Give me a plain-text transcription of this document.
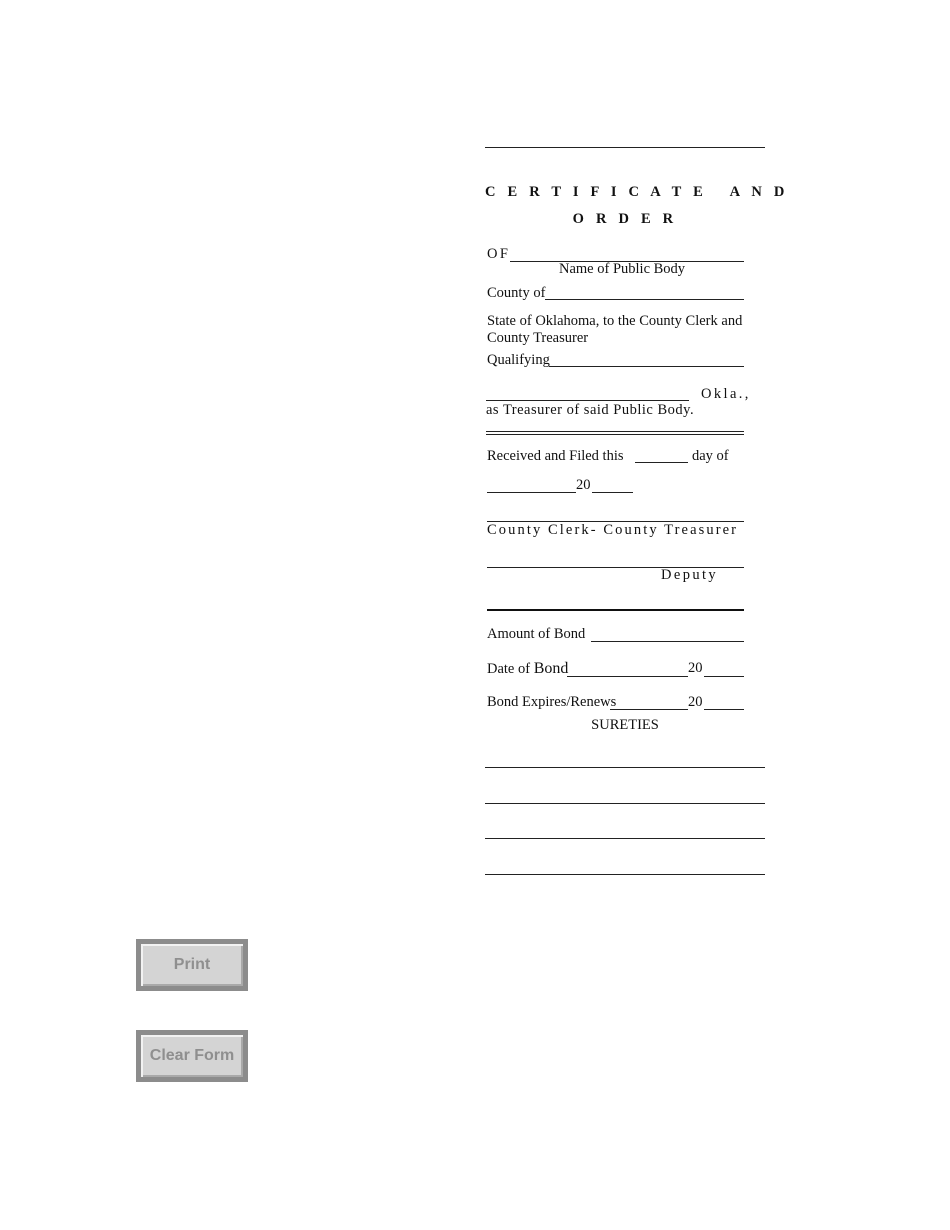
C E R T I F I C A T E   A N D
O R D E R
OF
Name of Public Body
County of
State of Oklahoma, to the County Clerk and
County Treasurer
Qualifying
Okla.,
as Treasurer of said Public Body.
Received and Filed this	day of
20
County Clerk- County Treasurer
Deputy
Amount of Bond
Date of Bond	20
Bond Expires/Renews	20
SURETIES
Print
Clear Form
